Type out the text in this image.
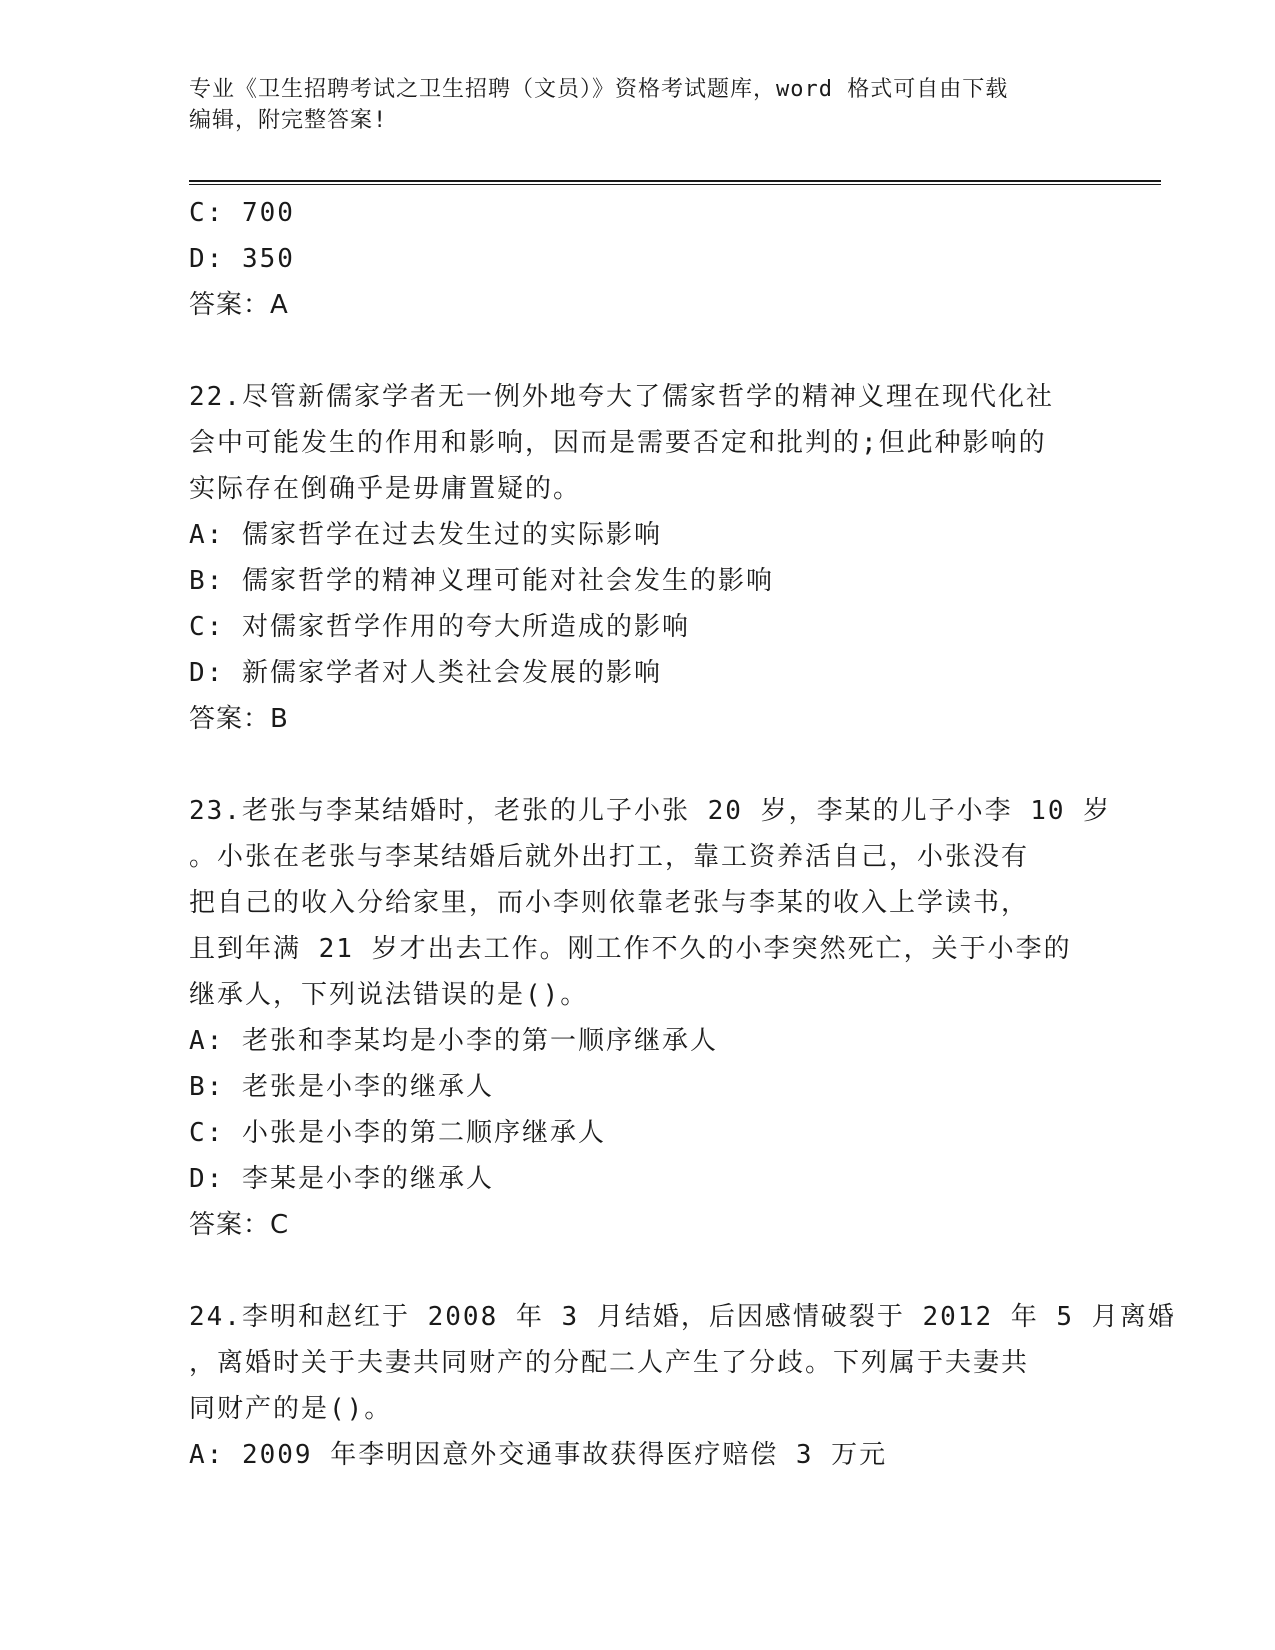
专业《卫生招聘考试之卫生招聘（文员）》资格考试题库，word 格式可自由下载
编辑，附完整答案!
C: 700
D: 350
答案：A
22.尽管新儒家学者无一例外地夸大了儒家哲学的精神义理在现代化社
会中可能发生的作用和影响，因而是需要否定和批判的;但此种影响的
实际存在倒确乎是毋庸置疑的。
A: 儒家哲学在过去发生过的实际影响
B: 儒家哲学的精神义理可能对社会发生的影响
C: 对儒家哲学作用的夸大所造成的影响
D: 新儒家学者对人类社会发展的影响
答案：B
23.老张与李某结婚时，老张的儿子小张 20 岁，李某的儿子小李 10 岁
。小张在老张与李某结婚后就外出打工，靠工资养活自己，小张没有
把自己的收入分给家里，而小李则依靠老张与李某的收入上学读书，
且到年满 21 岁才出去工作。刚工作不久的小李突然死亡，关于小李的
继承人，下列说法错误的是()。
A: 老张和李某均是小李的第一顺序继承人
B: 老张是小李的继承人
C: 小张是小李的第二顺序继承人
D: 李某是小李的继承人
答案：C
24.李明和赵红于 2008 年 3 月结婚，后因感情破裂于 2012 年 5 月离婚
，离婚时关于夫妻共同财产的分配二人产生了分歧。下列属于夫妻共
同财产的是()。
A: 2009 年李明因意外交通事故获得医疗赔偿 3 万元
